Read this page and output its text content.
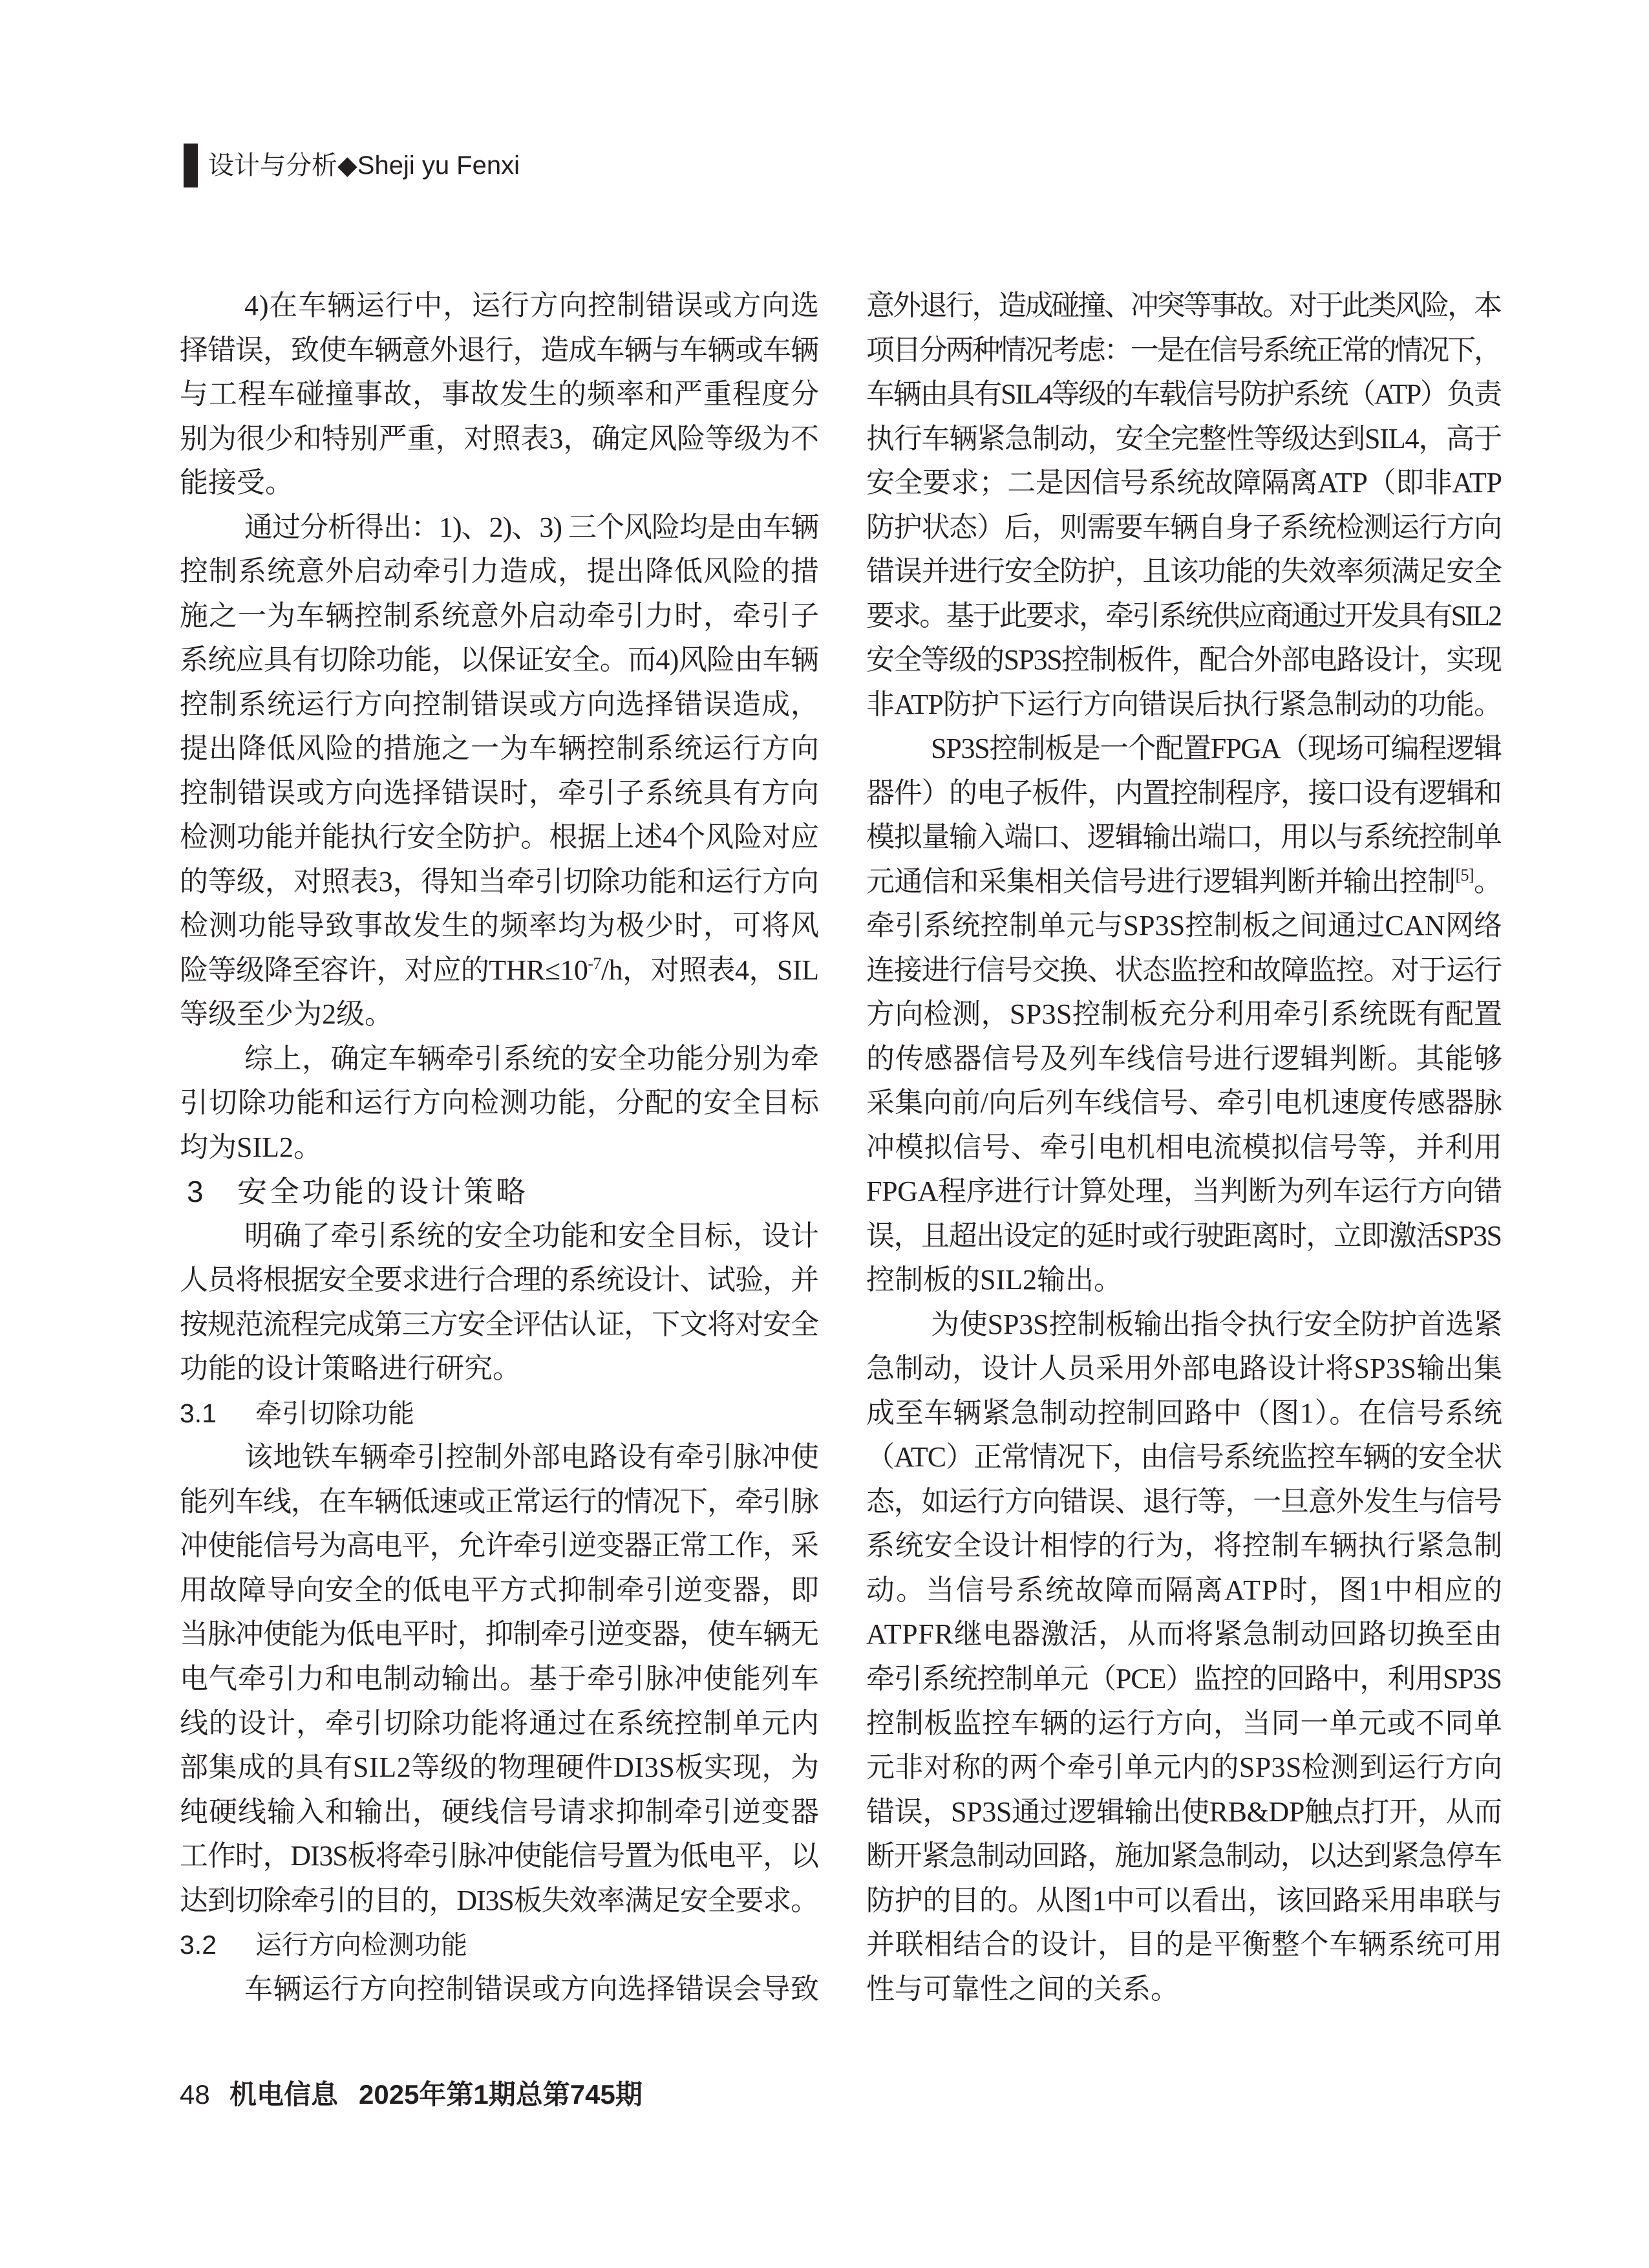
设计与分析◆Sheji yu Fenxi
4)在车辆运行中，运行方向控制错误或方向选
择错误，致使车辆意外退行，造成车辆与车辆或车辆
与工程车碰撞事故，事故发生的频率和严重程度分
别为很少和特别严重，对照表3，确定风险等级为不
能接受。
通过分析得出：1)、2)、3) 三个风险均是由车辆
控制系统意外启动牵引力造成，提出降低风险的措
施之一为车辆控制系统意外启动牵引力时，牵引子
系统应具有切除功能，以保证安全。而4)风险由车辆
控制系统运行方向控制错误或方向选择错误造成，
提出降低风险的措施之一为车辆控制系统运行方向
控制错误或方向选择错误时，牵引子系统具有方向
检测功能并能执行安全防护。根据上述4个风险对应
的等级，对照表3，得知当牵引切除功能和运行方向
检测功能导致事故发生的频率均为极少时，可将风
险等级降至容许，对应的$THR\le 10^{-7}/h$，对照表4，SIL
等级至少为2级。
综上，确定车辆牵引系统的安全功能分别为牵
引切除功能和运行方向检测功能，分配的安全目标
均为SIL2。
3 安全功能的设计策略
明确了牵引系统的安全功能和安全目标，设计
人员将根据安全要求进行合理的系统设计、试验，并
按规范流程完成第三方安全评估认证，下文将对安全
功能的设计策略进行研究。
3.1 牵引切除功能
该地铁车辆牵引控制外部电路设有牵引脉冲使
能列车线，在车辆低速或正常运行的情况下，牵引脉
冲使能信号为高电平，允许牵引逆变器正常工作，采
用故障导向安全的低电平方式抑制牵引逆变器，即
当脉冲使能为低电平时，抑制牵引逆变器，使车辆无
电气牵引力和电制动输出。基于牵引脉冲使能列车
线的设计，牵引切除功能将通过在系统控制单元内
部集成的具有SIL2等级的物理硬件DI3S板实现，为
纯硬线输入和输出，硬线信号请求抑制牵引逆变器
工作时，DI3S板将牵引脉冲使能信号置为低电平，以
达到切除牵引的目的，DI3S板失效率满足安全要求。
3.2 运行方向检测功能
车辆运行方向控制错误或方向选择错误会导致
意外退行，造成碰撞、冲突等事故。对于此类风险，本
项目分两种情况考虑：一是在信号系统正常的情况下，
车辆由具有SIL4等级的车载信号防护系统（ATP）负责
执行车辆紧急制动，安全完整性等级达到SIL4，高于
安全要求；二是因信号系统故障隔离ATP（即非ATP
防护状态）后，则需要车辆自身子系统检测运行方向
错误并进行安全防护，且该功能的失效率须满足安全
要求。基于此要求，牵引系统供应商通过开发具有SIL2
安全等级的SP3S控制板件，配合外部电路设计，实现
非ATP防护下运行方向错误后执行紧急制动的功能。
SP3S控制板是一个配置FPGA（现场可编程逻辑
器件）的电子板件，内置控制程序，接口设有逻辑和
模拟量输入端口、逻辑输出端口，用以与系统控制单
元通信和采集相关信号进行逻辑判断并输出控制[5]。
牵引系统控制单元与SP3S控制板之间通过CAN网络
连接进行信号交换、状态监控和故障监控。对于运行
方向检测，SP3S控制板充分利用牵引系统既有配置
的传感器信号及列车线信号进行逻辑判断。其能够
采集向前/向后列车线信号、牵引电机速度传感器脉
冲模拟信号、牵引电机相电流模拟信号等，并利用
FPGA程序进行计算处理，当判断为列车运行方向错
误，且超出设定的延时或行驶距离时，立即激活SP3S
控制板的SIL2输出。
为使SP3S控制板输出指令执行安全防护首选紧
急制动，设计人员采用外部电路设计将SP3S输出集
成至车辆紧急制动控制回路中（图1）。在信号系统
（ATC）正常情况下，由信号系统监控车辆的安全状
态，如运行方向错误、退行等，一旦意外发生与信号
系统安全设计相悖的行为，将控制车辆执行紧急制
动。当信号系统故障而隔离ATP时，图1中相应的
ATPFR继电器激活，从而将紧急制动回路切换至由
牵引系统控制单元（PCE）监控的回路中，利用SP3S
控制板监控车辆的运行方向，当同一单元或不同单
元非对称的两个牵引单元内的SP3S检测到运行方向
错误，SP3S通过逻辑输出使RB&DP触点打开，从而
断开紧急制动回路，施加紧急制动，以达到紧急停车
防护的目的。从图1中可以看出，该回路采用串联与
并联相结合的设计，目的是平衡整个车辆系统可用
性与可靠性之间的关系。
48 机电信息 2025年第1期总第745期
